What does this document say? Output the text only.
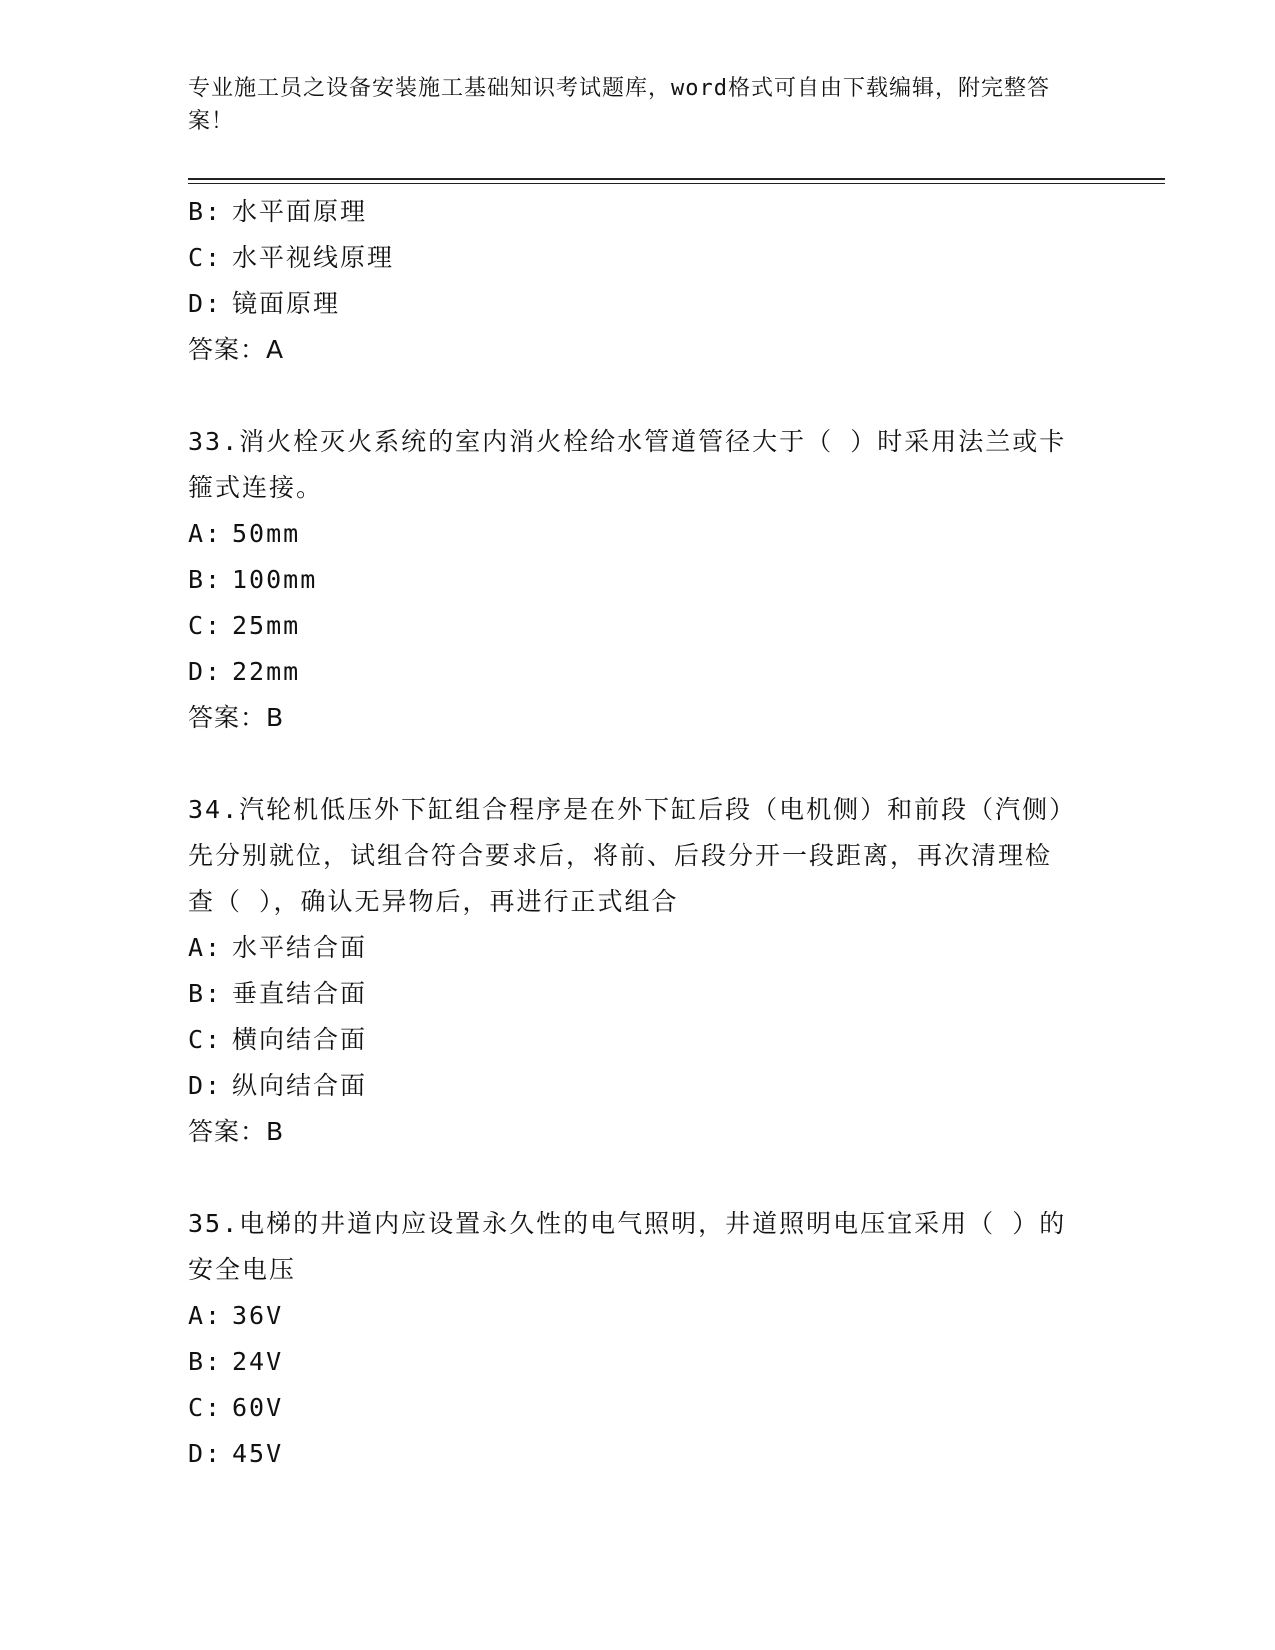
专业施工员之设备安装施工基础知识考试题库，word格式可自由下载编辑，附完整答案！
B: 水平面原理
C: 水平视线原理
D: 镜面原理
答案：A
33.消火栓灭火系统的室内消火栓给水管道管径大于（ ）时采用法兰或卡箍式连接。
A: 50mm
B: 100mm
C: 25mm
D: 22mm
答案：B
34.汽轮机低压外下缸组合程序是在外下缸后段（电机侧）和前段（汽侧）先分别就位，试组合符合要求后，将前、后段分开一段距离，再次清理检查（ ），确认无异物后，再进行正式组合
A: 水平结合面
B: 垂直结合面
C: 横向结合面
D: 纵向结合面
答案：B
35.电梯的井道内应设置永久性的电气照明，井道照明电压宜采用（ ）的安全电压
A: 36V
B: 24V
C: 60V
D: 45V
